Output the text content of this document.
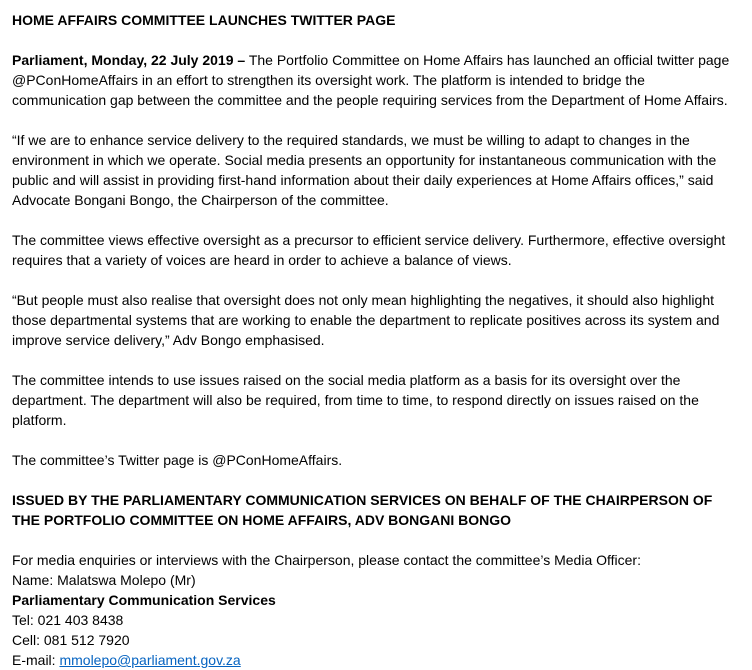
HOME AFFAIRS COMMITTEE LAUNCHES TWITTER PAGE

Parliament, Monday, 22 July 2019 – The Portfolio Committee on Home Affairs has launched an official twitter page @PConHomeAffairs in an effort to strengthen its oversight work. The platform is intended to bridge the communication gap between the committee and the people requiring services from the Department of Home Affairs.

“If we are to enhance service delivery to the required standards, we must be willing to adapt to changes in the environment in which we operate. Social media presents an opportunity for instantaneous communication with the public and will assist in providing first-hand information about their daily experiences at Home Affairs offices,” said Advocate Bongani Bongo, the Chairperson of the committee.

The committee views effective oversight as a precursor to efficient service delivery. Furthermore, effective oversight requires that a variety of voices are heard in order to achieve a balance of views.

“But people must also realise that oversight does not only mean highlighting the negatives, it should also highlight those departmental systems that are working to enable the department to replicate positives across its system and improve service delivery,” Adv Bongo emphasised.

The committee intends to use issues raised on the social media platform as a basis for its oversight over the department. The department will also be required, from time to time, to respond directly on issues raised on the platform.

The committee’s Twitter page is @PConHomeAffairs.

ISSUED BY THE PARLIAMENTARY COMMUNICATION SERVICES ON BEHALF OF THE CHAIRPERSON OF THE PORTFOLIO COMMITTEE ON HOME AFFAIRS, ADV BONGANI BONGO

For media enquiries or interviews with the Chairperson, please contact the committee’s Media Officer:

Name: Malatswa Molepo (Mr)

Parliamentary Communication Services

Tel: 021 403 8438

Cell: 081 512 7920

E-mail: mmolepo@parliament.gov.za
